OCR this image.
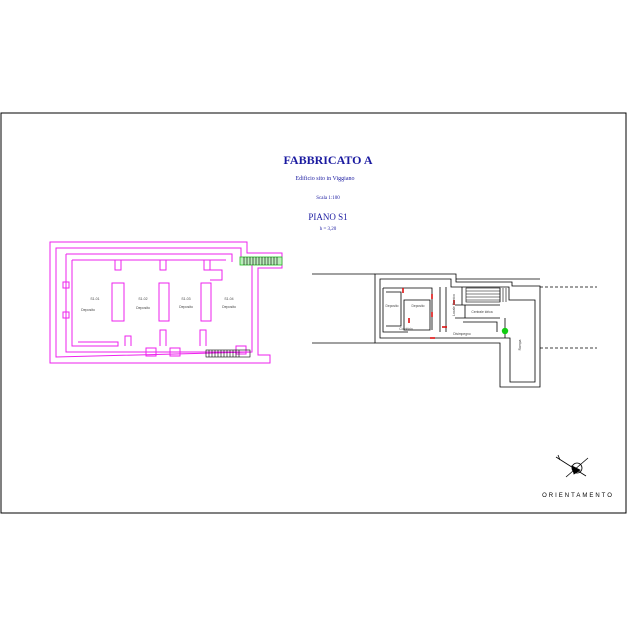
FABBRICATO A
Edificio sito in Viggiano
Scala 1:100
PIANO S1
h = 3,20
S1.01
Deposito
S1.02
Deposito
S1.03
Deposito
S1.04
Deposito	Deposito	Deposito
Corridoio
Locale Tecnico
Disimpegno
Centrale idrica
Rampa
ORIENTAMENTO
